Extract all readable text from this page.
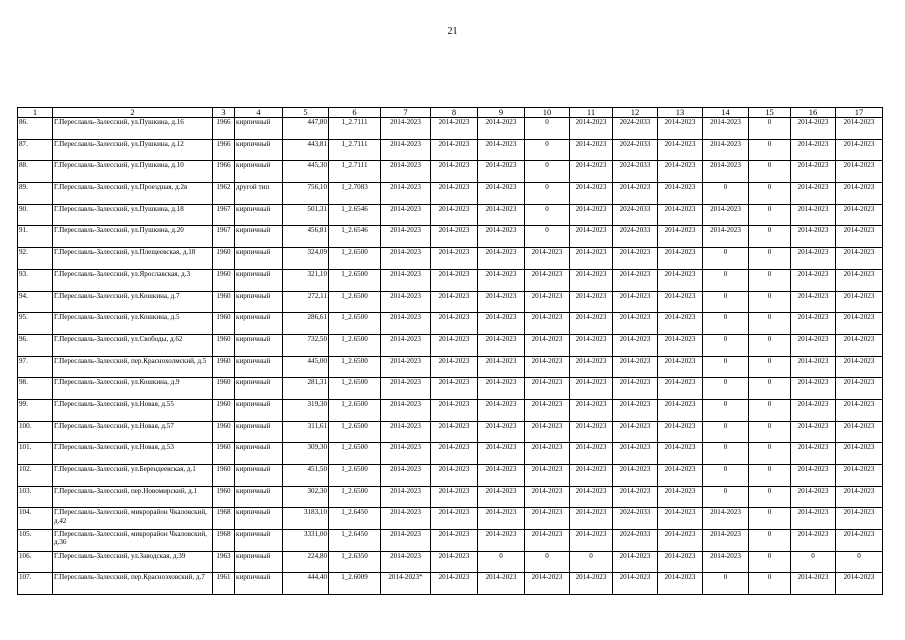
21
1	2	3	4	5	6	7	8	9	10	11	12	13	14	15	16	17
86.	Г.Переславль-Залесский, ул.Пушкина, д.16	1966	кирпичный	447,80	1_2.7111	2014-2023	2014-2023	2014-2023	0	2014-2023	2024-2033	2014-2023	2014-2023	0	2014-2023	2014-2023
87.	Г.Переславль-Залесский, ул.Пушкина, д.12	1966	кирпичный	443,81	1_2.7111	2014-2023	2014-2023	2014-2023	0	2014-2023	2024-2033	2014-2023	2014-2023	0	2014-2023	2014-2023
88.	Г.Переславль-Залесский, ул.Пушкина, д.10	1966	кирпичный	445,30	1_2.7111	2014-2023	2014-2023	2014-2023	0	2014-2023	2024-2033	2014-2023	2014-2023	0	2014-2023	2014-2023
89.	Г.Переславль-Залесский, ул.Проездная, д.2в	1962	другой тип	756,10	1_2.7083	2014-2023	2014-2023	2014-2023	0	2014-2023	2014-2023	2014-2023	0	0	2014-2023	2014-2023
90.	Г.Переславль-Залесский, ул.Пушкина, д.18	1967	кирпичный	501,31	1_2.6546	2014-2023	2014-2023	2014-2023	0	2014-2023	2024-2033	2014-2023	2014-2023	0	2014-2023	2014-2023
91.	Г.Переславль-Залесский, ул.Пушкина, д.20	1967	кирпичный	456,81	1_2.6546	2014-2023	2014-2023	2014-2023	0	2014-2023	2024-2033	2014-2023	2014-2023	0	2014-2023	2014-2023
92.	Г.Переславль-Залесский, ул.Плещеевская, д.18	1960	кирпичный	324,09	1_2.6500	2014-2023	2014-2023	2014-2023	2014-2023	2014-2023	2014-2023	2014-2023	0	0	2014-2023	2014-2023
93.	Г.Переславль-Залесский, ул.Ярославская, д.3	1960	кирпичный	321,10	1_2.6500	2014-2023	2014-2023	2014-2023	2014-2023	2014-2023	2014-2023	2014-2023	0	0	2014-2023	2014-2023
94.	Г.Переславль-Залесский, ул.Кошкина, д.7	1960	кирпичный	272,11	1_2.6500	2014-2023	2014-2023	2014-2023	2014-2023	2014-2023	2014-2023	2014-2023	0	0	2014-2023	2014-2023
95.	Г.Переславль-Залесский, ул.Кошкина, д.5	1960	кирпичный	286,61	1_2.6500	2014-2023	2014-2023	2014-2023	2014-2023	2014-2023	2014-2023	2014-2023	0	0	2014-2023	2014-2023
96.	Г.Переславль-Залесский, ул.Свободы, д.62	1960	кирпичный	732,50	1_2.6500	2014-2023	2014-2023	2014-2023	2014-2023	2014-2023	2014-2023	2014-2023	0	0	2014-2023	2014-2023
97.	Г.Переславль-Залесский, пер.Краснохолмский, д.5	1960	кирпичный	445,00	1_2.6500	2014-2023	2014-2023	2014-2023	2014-2023	2014-2023	2014-2023	2014-2023	0	0	2014-2023	2014-2023
98.	Г.Переславль-Залесский, ул.Кошкина, д.9	1960	кирпичный	281,31	1_2.6500	2014-2023	2014-2023	2014-2023	2014-2023	2014-2023	2014-2023	2014-2023	0	0	2014-2023	2014-2023
99.	Г.Переславль-Залесский, ул.Новая, д.55	1960	кирпичный	319,30	1_2.6500	2014-2023	2014-2023	2014-2023	2014-2023	2014-2023	2014-2023	2014-2023	0	0	2014-2023	2014-2023
100.	Г.Переславль-Залесский, ул.Новая, д.57	1960	кирпичный	311,61	1_2.6500	2014-2023	2014-2023	2014-2023	2014-2023	2014-2023	2014-2023	2014-2023	0	0	2014-2023	2014-2023
101.	Г.Переславль-Залесский, ул.Новая, д.53	1960	кирпичный	309,30	1_2.6500	2014-2023	2014-2023	2014-2023	2014-2023	2014-2023	2014-2023	2014-2023	0	0	2014-2023	2014-2023
102.	Г.Переславль-Залесский, ул.Берендеевская, д.1	1960	кирпичный	451,50	1_2.6500	2014-2023	2014-2023	2014-2023	2014-2023	2014-2023	2014-2023	2014-2023	0	0	2014-2023	2014-2023
103.	Г.Переславль-Залесский, пер.Новомирский, д.1	1960	кирпичный	302,30	1_2.6500	2014-2023	2014-2023	2014-2023	2014-2023	2014-2023	2014-2023	2014-2023	0	0	2014-2023	2014-2023
104.	Г.Переславль-Залесский, микрорайон Чкаловский, д.42	1968	кирпичный	3183,10	1_2.6450	2014-2023	2014-2023	2014-2023	2014-2023	2014-2023	2024-2033	2014-2023	2014-2023	0	2014-2023	2014-2023
105.	Г.Переславль-Залесский, микрорайон Чкаловский, д.36	1968	кирпичный	3331,00	1_2.6450	2014-2023	2014-2023	2014-2023	2014-2023	2014-2023	2024-2033	2014-2023	2014-2023	0	2014-2023	2014-2023
106.	Г.Переславль-Залесский, ул.Заводская, д.39	1963	кирпичный	224,80	1_2.6350	2014-2023	2014-2023	0	0	0	2014-2023	2014-2023	2014-2023	0	0	0
107.	Г.Переславль-Залесский, пер.Красноэховский, д.7	1961	кирпичный	444,40	1_2.6009	2014-2023*	2014-2023	2014-2023	2014-2023	2014-2023	2014-2023	2014-2023	0	0	2014-2023	2014-2023
